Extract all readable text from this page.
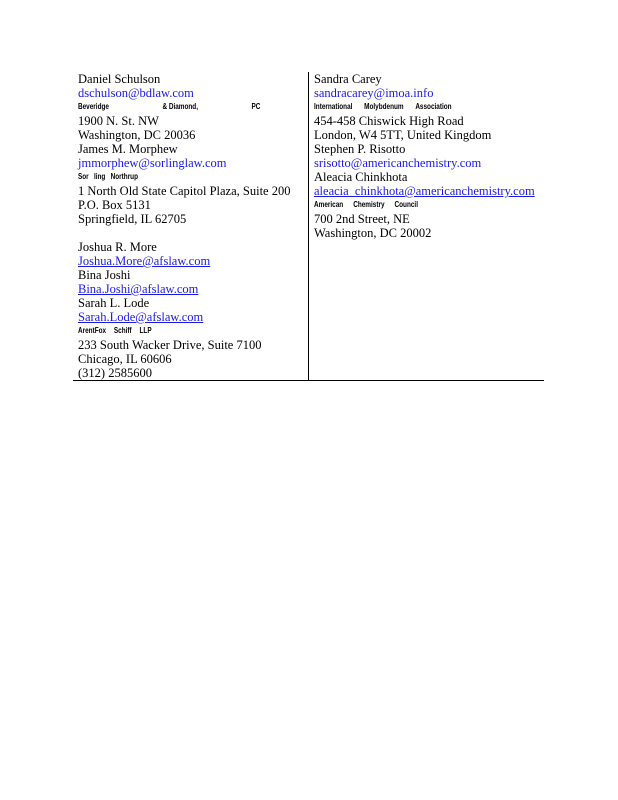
Daniel Schulson
dschulson@bdlaw.com
Beveridge	& Diamond,	PC
1900 N. St. NW
Washington, DC 20036
James M. Morphew
jmmorphew@sorlinglaw.com
Sor ling Northrup
1 North Old State Capitol Plaza, Suite 200
P.O. Box 5131
Springfield, IL 62705
Joshua R. More
Joshua.More@afslaw.com
Bina Joshi
Bina.Joshi@afslaw.com
Sarah L. Lode
Sarah.Lode@afslaw.com
ArentFox Schiff LLP
233 South Wacker Drive, Suite 7100
Chicago, IL 60606
(312) 2585600
Sandra Carey
sandracarey@imoa.info
International Molybdenum Association
454-458 Chiswick High Road
London, W4 5TT, United Kingdom
Stephen P. Risotto
srisotto@americanchemistry.com
Aleacia Chinkhota
aleacia_chinkhota@americanchemistry.com
American Chemistry Council
700 2nd Street, NE
Washington, DC 20002
